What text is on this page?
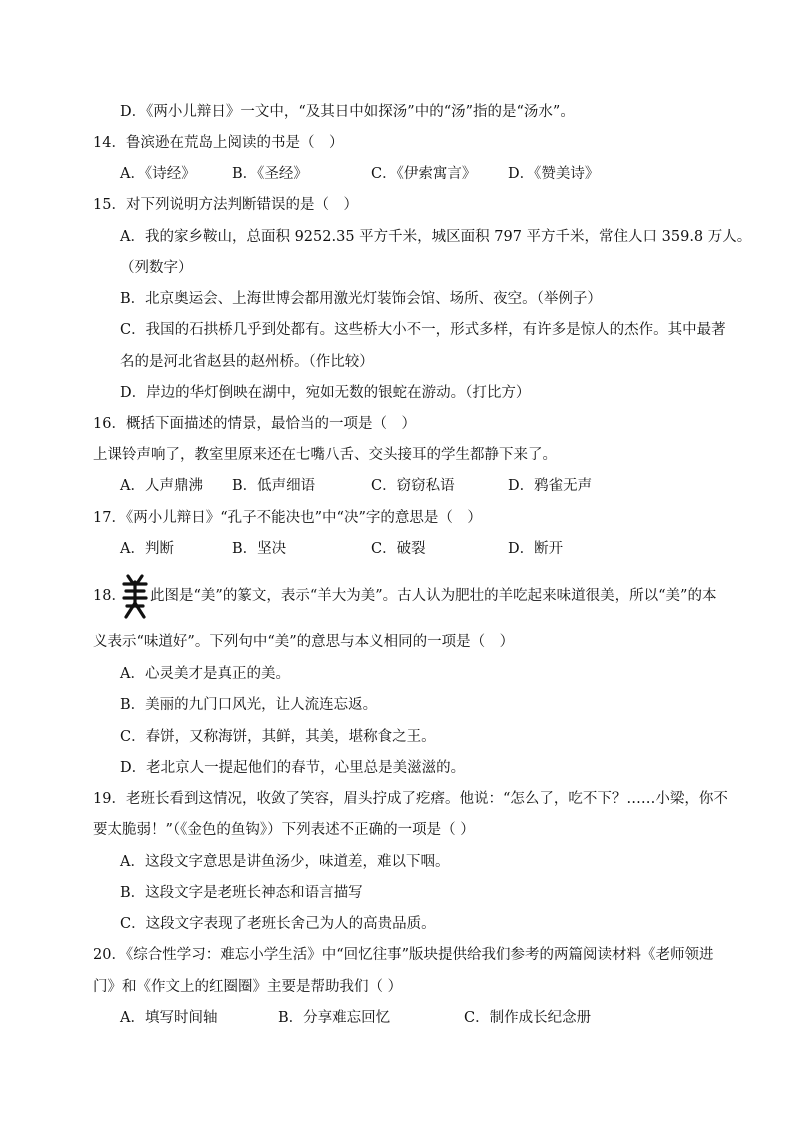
D．《两小儿辩日》一文中，“及其日中如探汤”中的“汤”指的是“汤水”。
14．鲁滨逊在荒岛上阅读的书是（　）
A．《诗经》	B．《圣经》	C．《伊索寓言》 D．《赞美诗》
15．对下列说明方法判断错误的是（　）
A．我的家乡鞍山，总面积 9252.35 平方千米，城区面积 797 平方千米，常住人口 359.8 万人。
（列数字）
B．北京奥运会、上海世博会都用激光灯装饰会馆、场所、夜空。（举例子）
C．我国的石拱桥几乎到处都有。这些桥大小不一，形式多样，有许多是惊人的杰作。其中最著
名的是河北省赵县的赵州桥。（作比较）
D．岸边的华灯倒映在湖中，宛如无数的银蛇在游动。（打比方）
16．概括下面描述的情景，最恰当的一项是（　）
上课铃声响了，教室里原来还在七嘴八舌、交头接耳的学生都静下来了。
A．人声鼎沸 B．低声细语	C．窃窃私语	D．鸦雀无声
17．《两小儿辩日》“孔子不能决也”中“决”字的意思是（　）
A．判断	B．坚决	C．破裂	D．断开
18． 此图是“美”的篆文，表示“羊大为美”。古人认为肥壮的羊吃起来味道很美，所以“美”的本
义表示“味道好”。下列句中“美”的意思与本义相同的一项是（　）
A．心灵美才是真正的美。
B．美丽的九门口风光，让人流连忘返。
C．春饼，又称海饼，其鲜，其美，堪称食之王。
D．老北京人一提起他们的春节，心里总是美滋滋的。
19．老班长看到这情况，收敛了笑容，眉头拧成了疙瘩。他说：“怎么了，吃不下？……小梁，你不
要太脆弱！”（《金色的鱼钩》）下列表述不正确的一项是（ ）
A．这段文字意思是讲鱼汤少，味道差，难以下咽。
B．这段文字是老班长神态和语言描写
C．这段文字表现了老班长舍己为人的高贵品质。
20．《综合性学习：难忘小学生活》中“回忆往事”版块提供给我们参考的两篇阅读材料《老师领进
门》和《作文上的红圈圈》主要是帮助我们（ ）
A．填写时间轴	B．分享难忘回忆	C．制作成长纪念册
